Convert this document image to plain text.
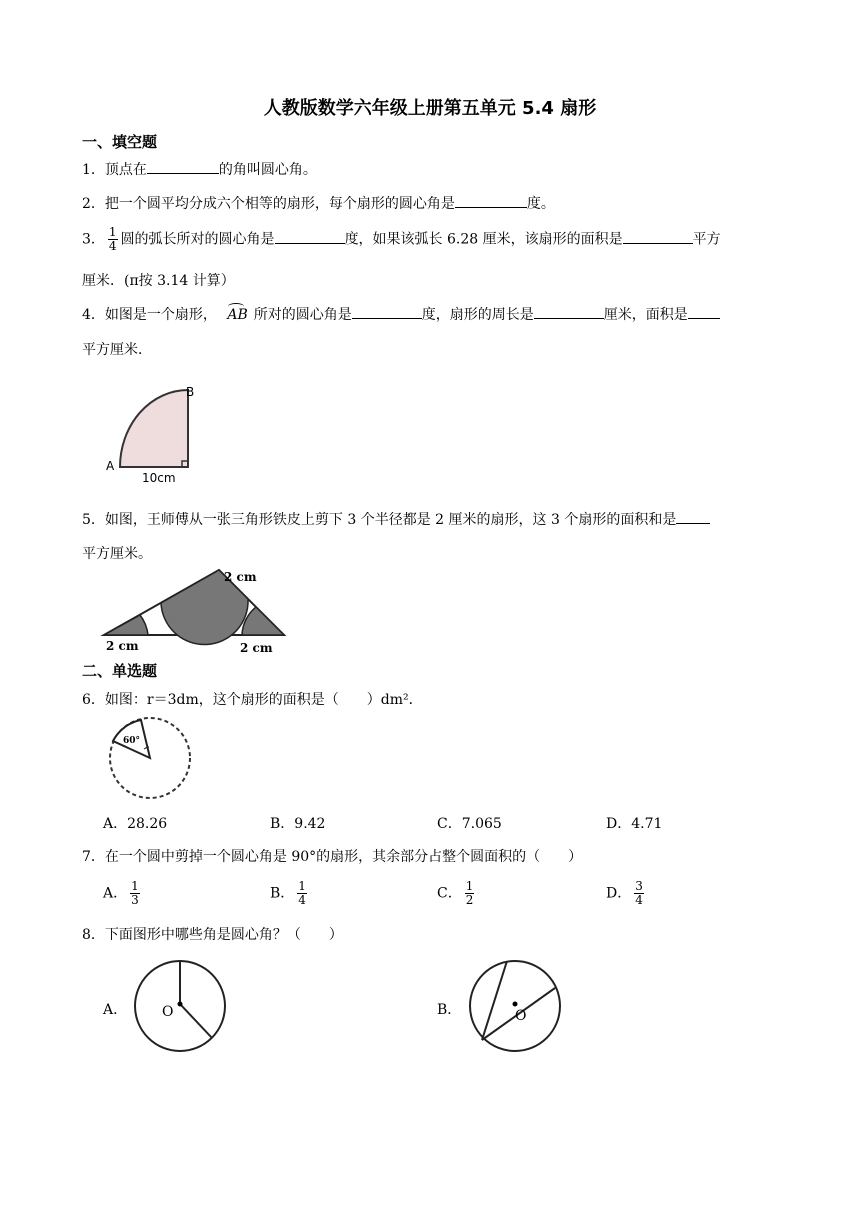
人教版数学六年级上册第五单元 5.4 扇形
一、填空题
1．顶点在	的角叫圆心角。
2．把一个圆平均分成六个相等的扇形，每个扇形的圆心角是	度。
3． $\frac{1}{4}$ 圆的弧长所对的圆心角是	度，如果该弧长 6.28 厘米，该扇形的面积是	平方
厘米．(π按 3.14 计算）
4．如图是一个扇形， AB 所对的圆心角是	度，扇形的周长是	厘米，面积是
平方厘米．
B
A
10cm
5．如图，王师傅从一张三角形铁皮上剪下 3 个半径都是 2 厘米的扇形，这 3 个扇形的面积和是
平方厘米。
2 cm
2 cm	2 cm
二、单选题
6．如图：r＝3dm，这个扇形的面积是（　　）dm²．
60°
A．28.26	B．9.42	C．7.065	D．4.71
7．在一个圆中剪掉一个圆心角是 90°的扇形，其余部分占整个圆面积的（　　）
A． $\frac{1}{3}$	B． $\frac{1}{4}$	C． $\frac{1}{2}$	D． $\frac{3}{4}$
8．下面图形中哪些角是圆心角？（　　）
A． O	B．	O
